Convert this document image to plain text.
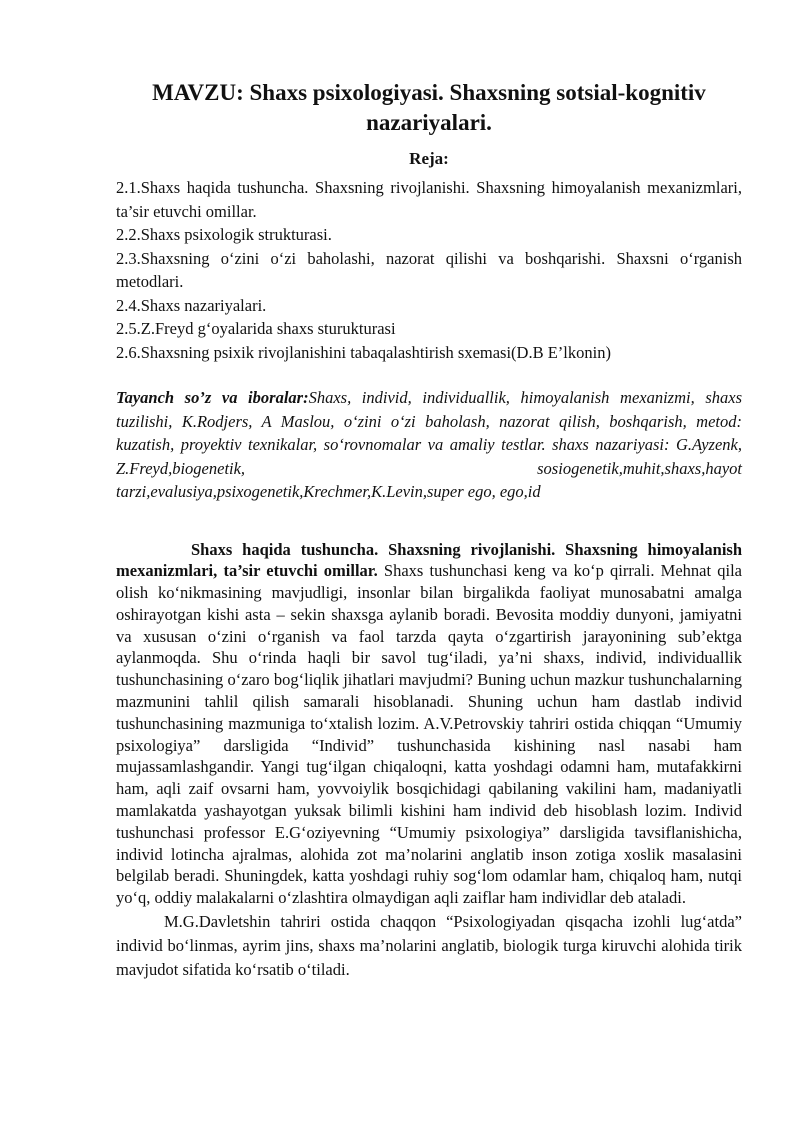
MAVZU: Shaxs psixologiyasi. Shaxsning sotsial-kognitiv nazariyalari.
Reja:
2.1.Shaxs haqida tushuncha. Shaxsning rivojlanishi. Shaxsning himoyalanish mexanizmlari, ta’sir etuvchi omillar.
2.2.Shaxs psixologik strukturasi.
2.3.Shaxsning o‘zini o‘zi baholashi, nazorat qilishi va boshqarishi. Shaxsni o‘rganish metodlari.
2.4.Shaxs nazariyalari.
2.5.Z.Freyd g‘oyalarida shaxs sturukturasi
2.6.Shaxsning psixik rivojlanishini tabaqalashtirish sxemasi(D.B E’lkonin)
Tayanch so’z va iboralar:Shaxs, individ, individuallik, himoyalanish mexanizmi, shaxs tuzilishi, K.Rodjers, A Maslou, o‘zini o‘zi baholash, nazorat qilish, boshqarish, metod: kuzatish, proyektiv texnikalar, so‘rovnomalar va amaliy testlar. shaxs nazariyasi: G.Ayzenk, Z.Freyd,biogenetik, sosiogenetik,muhit,shaxs,hayot tarzi,evalusiya,psixogenetik,Krechmer,K.Levin,super ego, ego,id

Shaxs haqida tushuncha. Shaxsning rivojlanishi. Shaxsning himoyalanish mexanizmlari, ta’sir etuvchi omillar. Shaxs tushunchasi keng va ko‘p qirrali. Mehnat qila olish ko‘nikmasining mavjudligi, insonlar bilan birgalikda faoliyat munosabatni amalga oshirayotgan kishi asta – sekin shaxsga aylanib boradi. Bevosita moddiy dunyoni, jamiyatni va xususan o‘zini o‘rganish va faol tarzda qayta o‘zgartirish jarayonining sub’ektga aylanmoqda. Shu o‘rinda haqli bir savol tug‘iladi, ya’ni shaxs, individ, individuallik tushunchasining o‘zaro bog‘liqlik jihatlari mavjudmi? Buning uchun mazkur tushunchalarning mazmunini tahlil qilish samarali hisoblanadi. Shuning uchun ham dastlab individ tushunchasining mazmuniga to‘xtalish lozim. A.V.Petrovskiy tahriri ostida chiqqan “Umumiy psixologiya” darsligida “Individ” tushunchasida kishining nasl nasabi ham mujassamlashgandir. Yangi tug‘ilgan chiqaloqni, katta yoshdagi odamni ham, mutafakkirni ham, aqli zaif ovsarni ham, yovvoiylik bosqichidagi qabilaning vakilini ham, madaniyatli mamlakatda yashayotgan yuksak bilimli kishini ham individ deb hisoblash lozim. Individ tushunchasi professor E.G‘oziyevning “Umumiy psixologiya” darsligida tavsiflanishicha, individ lotincha ajralmas, alohida zot ma’nolarini anglatib inson zotiga xoslik masalasini belgilab beradi. Shuningdek, katta yoshdagi ruhiy sog‘lom odamlar ham, chiqaloq ham, nutqi yo‘q, oddiy malakalarni o‘zlashtira olmaydigan aqli zaiflar ham individlar deb ataladi.

M.G.Davletshin tahriri ostida chaqqon “Psixologiyadan qisqacha izohli lug‘atda” individ bo‘linmas, ayrim jins, shaxs ma’nolarini anglatib, biologik turga kiruvchi alohida tirik mavjudot sifatida ko‘rsatib o‘tiladi.
